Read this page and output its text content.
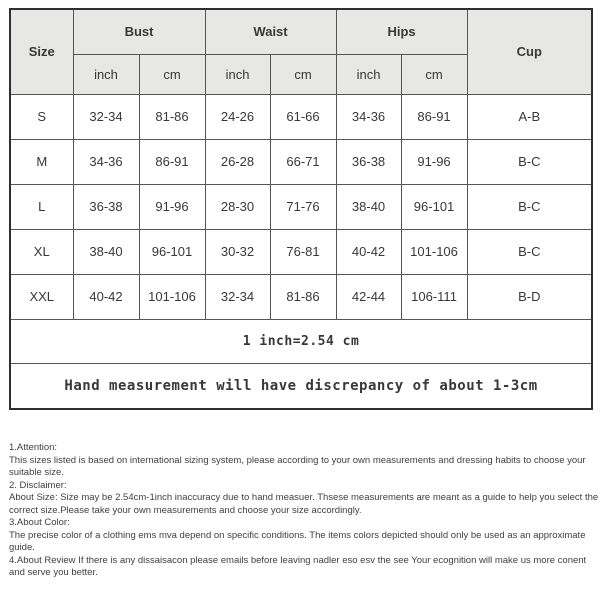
Size	Bust		Waist		Hips		Cup
	inch	cm	inch	cm	inch	cm	
S	32-34	81-86	24-26	61-66	34-36	86-91	A-B
M	34-36	86-91	26-28	66-71	36-38	91-96	B-C
L	36-38	91-96	28-30	71-76	38-40	96-101	B-C
XL	38-40	96-101	30-32	76-81	40-42	101-106	B-C
XXL	40-42	101-106	32-34	81-86	42-44	106-111	B-D
1 inch=2.54 cm							
Hand measurement will have discrepancy of about 1-3cm							

1.Attention:

This sizes listed is based on international sizing system, please according to your own measurements and dressing habits to choose your suitable size.

2. Disclaimer:

About Size: Size may be 2.54cm-1inch inaccuracy due to hand measuer. Thsese measurements are meant as a guide to help you select the correct size.Please take your own measurements and choose your size accordingly.

3.About Color:

The precise color of a clothing ems mva depend on specific conditions. The items colors depicted should only be used as an approximate guide.

4.About Review If there is any dissaisacon please emails before leaving nadler eso esv the see Your ecognition will make us more conent and serve you better.
